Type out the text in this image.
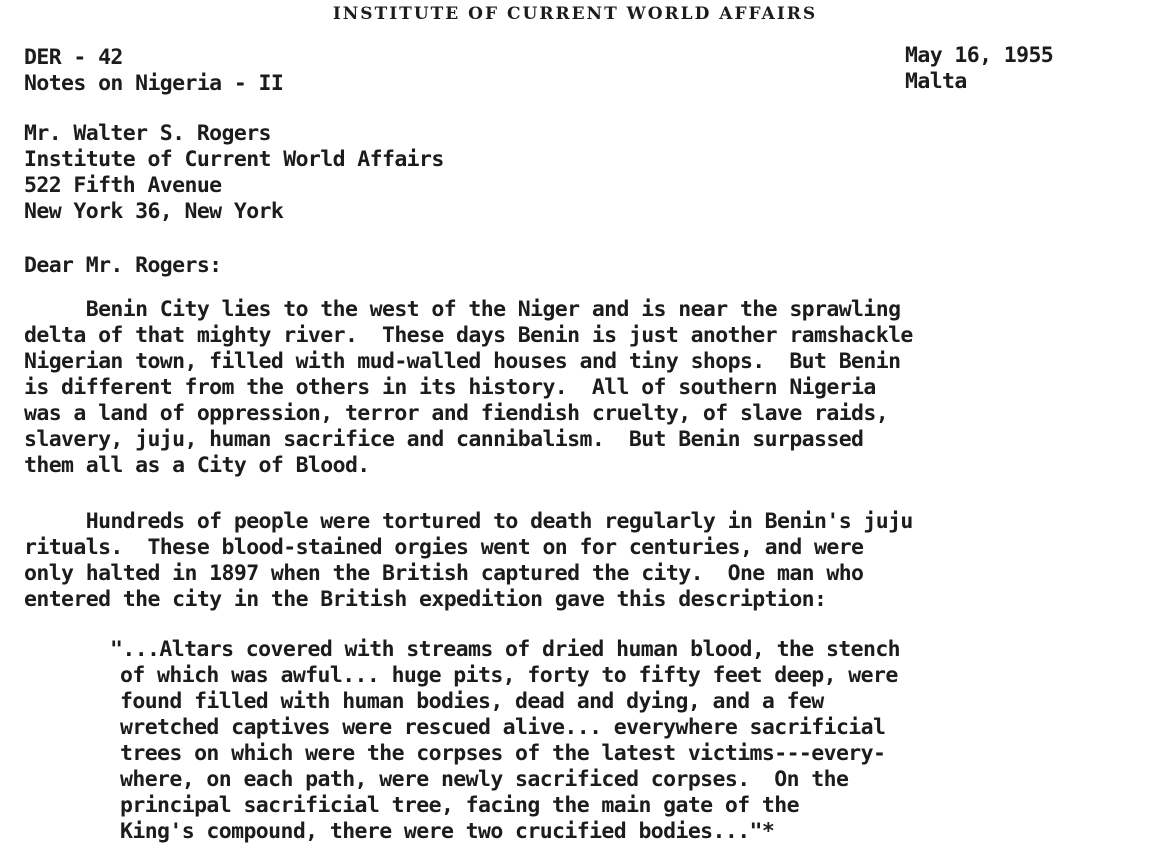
INSTITUTE OF CURRENT WORLD AFFAIRS
DER - 42
Notes on Nigeria - II
May 16, 1955
Malta
Mr. Walter S. Rogers
Institute of Current World Affairs
522 Fifth Avenue
New York 36, New York
Dear Mr. Rogers:
Benin City lies to the west of the Niger and is near the sprawling
delta of that mighty river.  These days Benin is just another ramshackle
Nigerian town, filled with mud-walled houses and tiny shops.  But Benin
is different from the others in its history.  All of southern Nigeria
was a land of oppression, terror and fiendish cruelty, of slave raids,
slavery, juju, human sacrifice and cannibalism.  But Benin surpassed
them all as a City of Blood.
Hundreds of people were tortured to death regularly in Benin's juju
rituals.  These blood-stained orgies went on for centuries, and were
only halted in 1897 when the British captured the city.  One man who
entered the city in the British expedition gave this description:
"...Altars covered with streams of dried human blood, the stench
of which was awful... huge pits, forty to fifty feet deep, were
found filled with human bodies, dead and dying, and a few
wretched captives were rescued alive... everywhere sacrificial
trees on which were the corpses of the latest victims---every-
where, on each path, were newly sacrificed corpses.  On the
principal sacrificial tree, facing the main gate of the
King's compound, there were two crucified bodies..."*
